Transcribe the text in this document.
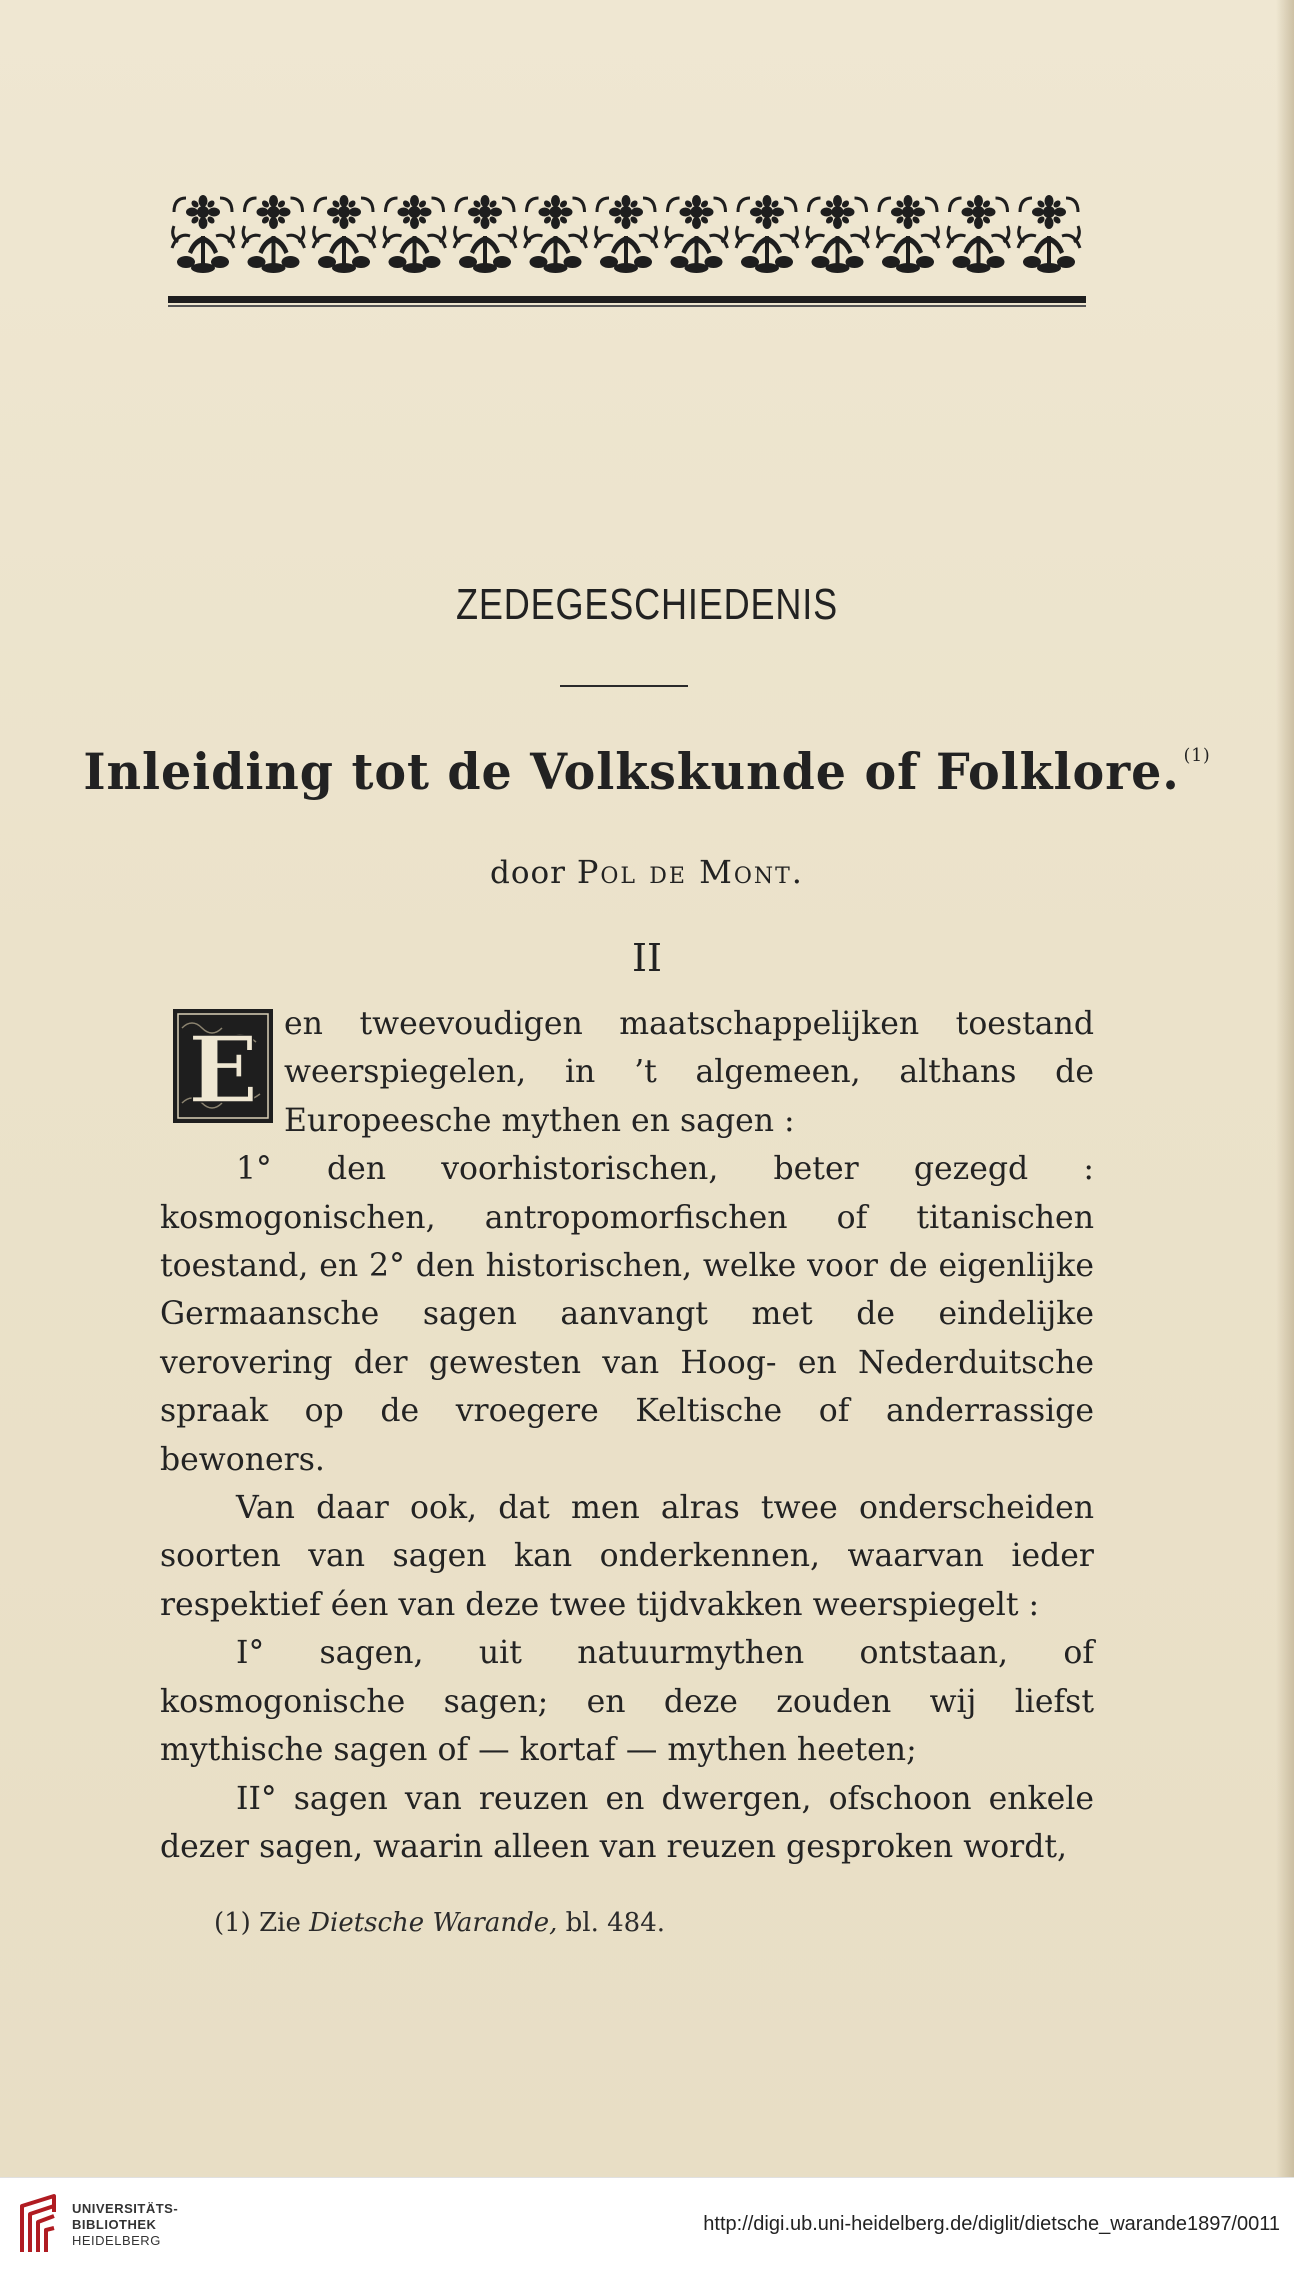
ZEDEGESCHIEDENIS
Inleiding tot de Volkskunde of Folklore. $^{(1)}$
door Pol de Mont.
II
E en tweevoudigen maatschappelijken toestand weerspiegelen, in ’t algemeen, althans de Europeesche mythen en sagen :

1° den voorhistorischen, beter gezegd : kosmogonischen, antropomorfischen of titanischen toestand, en 2° den historischen, welke voor de eigenlijke Germaansche sagen aanvangt met de eindelijke verovering der gewesten van Hoog- en Nederduitsche spraak op de vroegere Keltische of anderrassige bewoners.

Van daar ook, dat men alras twee onderscheiden soorten van sagen kan onderkennen, waarvan ieder respektief éen van deze twee tijdvakken weerspiegelt :

I° sagen, uit natuurmythen ontstaan, of kosmogonische sagen; en deze zouden wij liefst mythische sagen of — kortaf — mythen heeten;

II° sagen van reuzen en dwergen, ofschoon enkele dezer sagen, waarin alleen van reuzen gesproken wordt,

(1) Zie Dietsche Warande, bl. 484.
UNIVERSITÄTS-
BIBLIOTHEK
HEIDELBERG
http://digi.ub.uni-heidelberg.de/diglit/dietsche_warande1897/0011
